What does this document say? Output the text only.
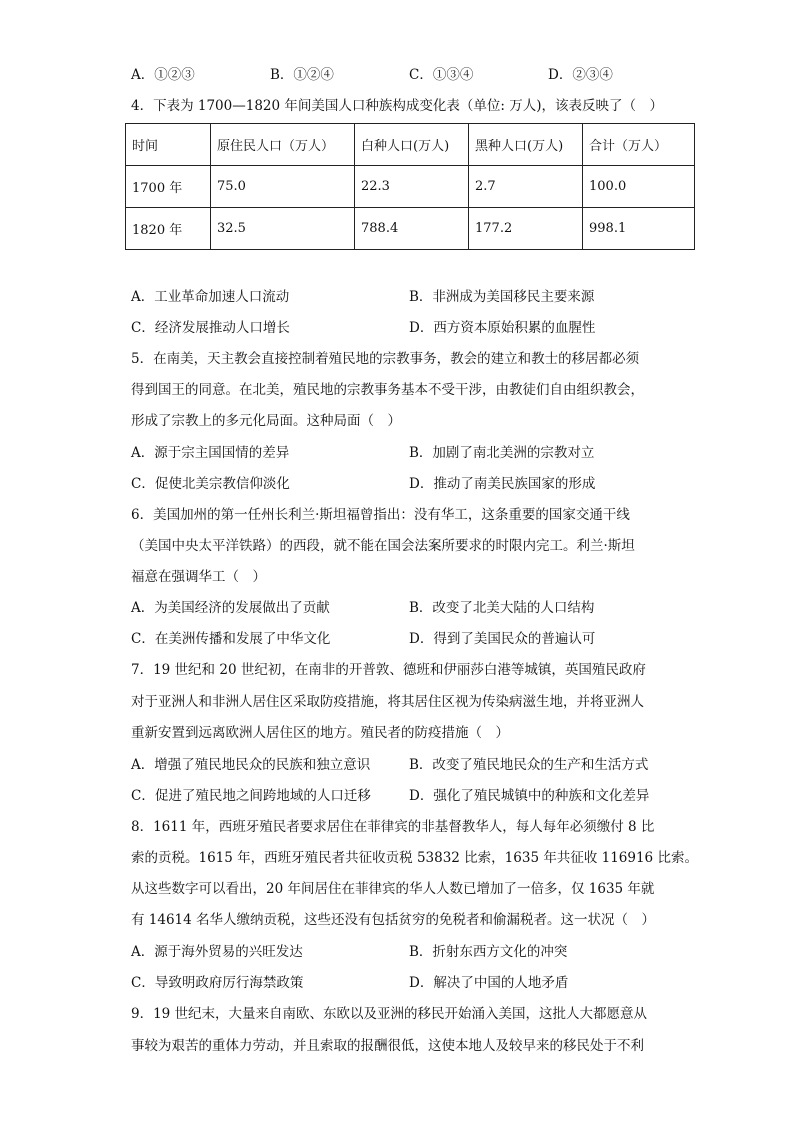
A．①②③	B．①②④	C．①③④	D．②③④
4．下表为 1700—1820 年间美国人口种族构成变化表（单位: 万人)，该表反映了（　）
时间	原住民人口（万人）	白种人口(万人)	黑种人口(万人)	合计（万人）
1700 年	75.0	22.3	2.7	100.0
1820 年	32.5	788.4	177.2	998.1
A．工业革命加速人口流动	B．非洲成为美国移民主要来源
C．经济发展推动人口增长	D．西方资本原始积累的血腥性
5．在南美，天主教会直接控制着殖民地的宗教事务，教会的建立和教士的移居都必须
得到国王的同意。在北美，殖民地的宗教事务基本不受干涉，由教徒们自由组织教会，
形成了宗教上的多元化局面。这种局面（　）
A．源于宗主国国情的差异	B．加剧了南北美洲的宗教对立
C．促使北美宗教信仰淡化	D．推动了南美民族国家的形成
6．美国加州的第一任州长利兰·斯坦福曾指出：没有华工，这条重要的国家交通干线
（美国中央太平洋铁路）的西段，就不能在国会法案所要求的时限内完工。利兰·斯坦
福意在强调华工（　）
A．为美国经济的发展做出了贡献	B．改变了北美大陆的人口结构
C．在美洲传播和发展了中华文化	D．得到了美国民众的普遍认可
7．19 世纪和 20 世纪初，在南非的开普敦、德班和伊丽莎白港等城镇，英国殖民政府
对于亚洲人和非洲人居住区采取防疫措施，将其居住区视为传染病滋生地，并将亚洲人
重新安置到远离欧洲人居住区的地方。殖民者的防疫措施（　）
A．增强了殖民地民众的民族和独立意识	B．改变了殖民地民众的生产和生活方式
C．促进了殖民地之间跨地域的人口迁移	D．强化了殖民城镇中的种族和文化差异
8．1611 年，西班牙殖民者要求居住在菲律宾的非基督教华人，每人每年必须缴付 8 比
索的贡税。1615 年，西班牙殖民者共征收贡税 53832 比索，1635 年共征收 116916 比索。
从这些数字可以看出，20 年间居住在菲律宾的华人人数已增加了一倍多，仅 1635 年就
有 14614 名华人缴纳贡税，这些还没有包括贫穷的免税者和偷漏税者。这一状况（　）
A．源于海外贸易的兴旺发达	B．折射东西方文化的冲突
C．导致明政府厉行海禁政策	D．解决了中国的人地矛盾
9．19 世纪末，大量来自南欧、东欧以及亚洲的移民开始涌入美国，这批人大都愿意从
事较为艰苦的重体力劳动，并且索取的报酬很低，这使本地人及较早来的移民处于不利
